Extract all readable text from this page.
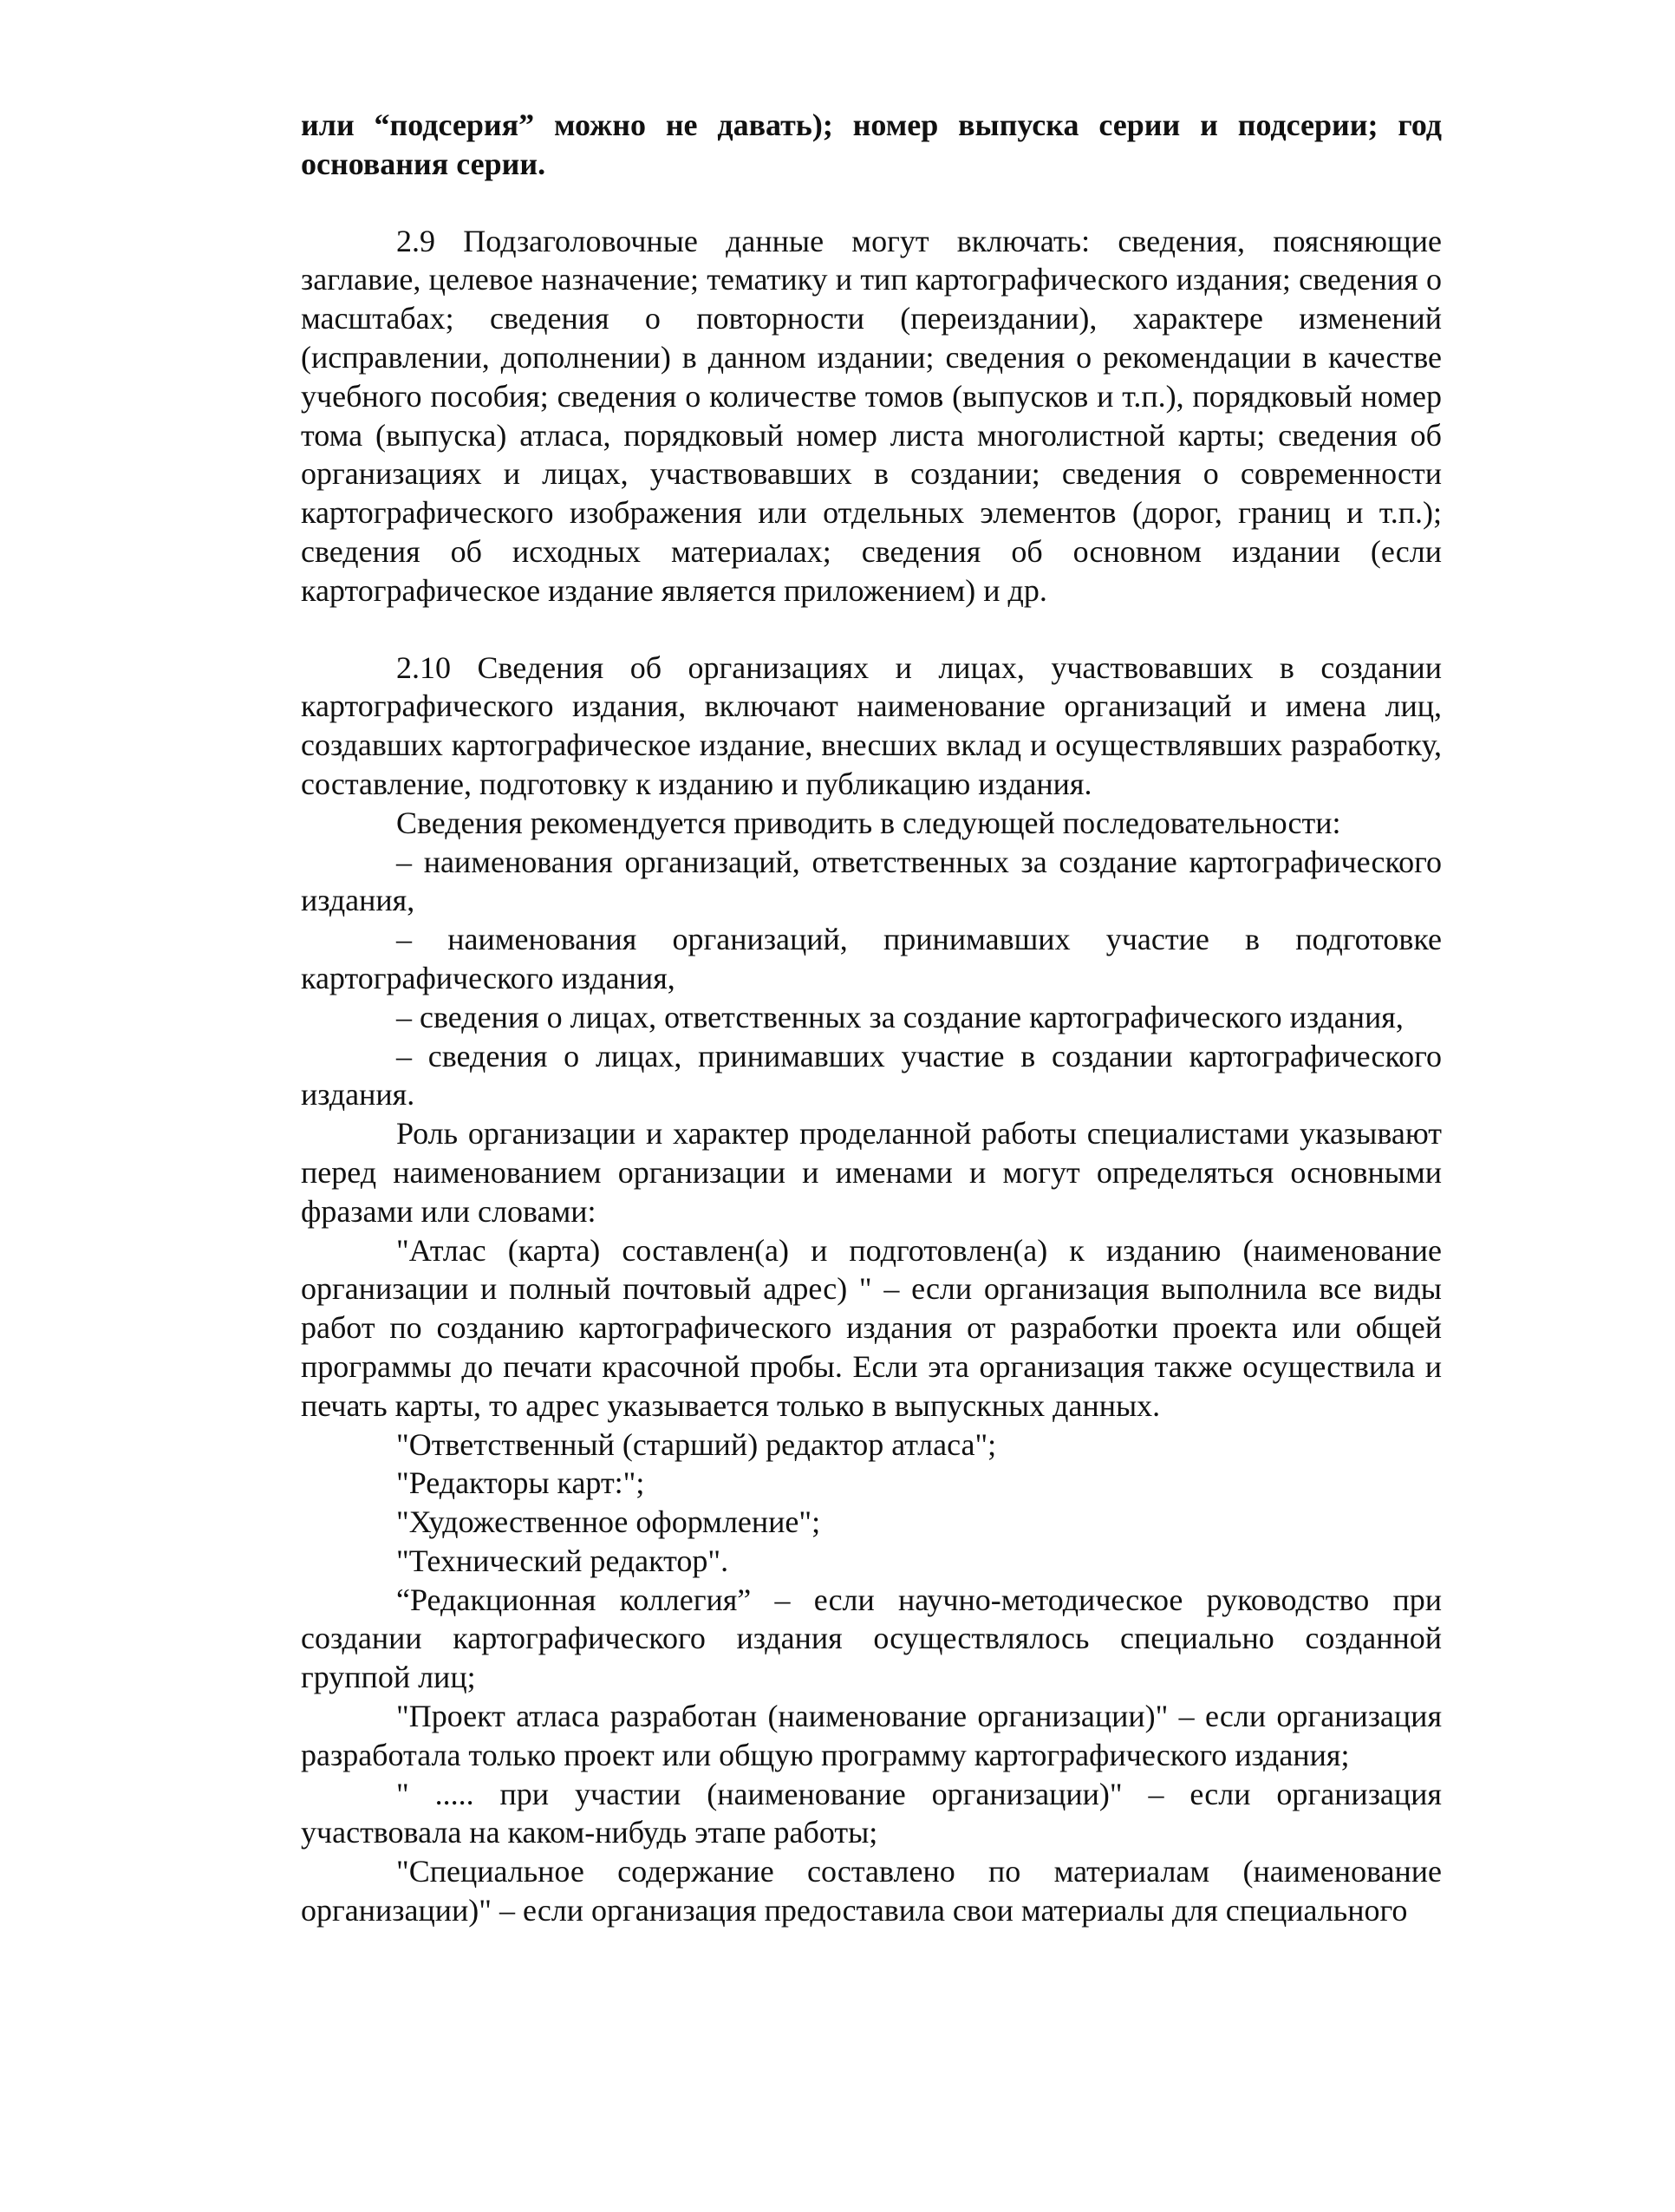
или “подсерия” можно не давать); номер выпуска серии и подсерии; год основания серии.

2.9 Подзаголовочные данные могут включать: сведения, поясняющие заглавие, целевое назначение; тематику и тип картографического издания; сведения о масштабах; сведения о повторности (переиздании), характере изменений (исправлении, дополнении) в данном издании; сведения о рекомендации в качестве учебного пособия; сведения о количестве томов (выпусков и т.п.), порядковый номер тома (выпуска) атласа, порядковый номер листа многолистной карты; сведения об организациях и лицах, участвовавших в создании; сведения о современности картографического изображения или отдельных элементов (дорог, границ и т.п.); сведения об исходных материалах; сведения об основном издании (если картографическое издание является приложением) и др.

2.10 Сведения об организациях и лицах, участвовавших в создании картографического издания, включают наименование организаций и имена лиц, создавших картографическое издание, внесших вклад и осуществлявших разработку, составление, подготовку к изданию и публикацию издания.

Сведения рекомендуется приводить в следующей последовательности:

– наименования организаций, ответственных за создание картографического издания,

– наименования организаций, принимавших участие в подготовке картографического издания,

– сведения о лицах, ответственных за создание картографического издания,

– сведения о лицах, принимавших участие в создании картографического издания.

Роль организации и характер проделанной работы специалистами указывают перед наименованием организации и именами и могут определяться основными фразами или словами:

"Атлас (карта) составлен(а) и подготовлен(а) к изданию (наименование организации и полный почтовый адрес) " – если организация выполнила все виды работ по созданию картографического издания от разработки проекта или общей программы до печати красочной пробы. Если эта организация также осуществила и печать карты, то адрес указывается только в выпускных данных.

"Ответственный (старший) редактор атласа";

"Редакторы карт:";

"Художественное оформление";

"Технический редактор".

“Редакционная коллегия” – если научно-методическое руководство при создании картографического издания осуществлялось специально созданной группой лиц;

"Проект атласа разработан (наименование организации)" – если организация разработала только проект или общую программу картографического издания;

" ..... при участии (наименование организации)" – если организация участвовала на каком-нибудь этапе работы;

"Специальное содержание составлено по материалам (наименование организации)" – если организация предоставила свои материалы для специального
